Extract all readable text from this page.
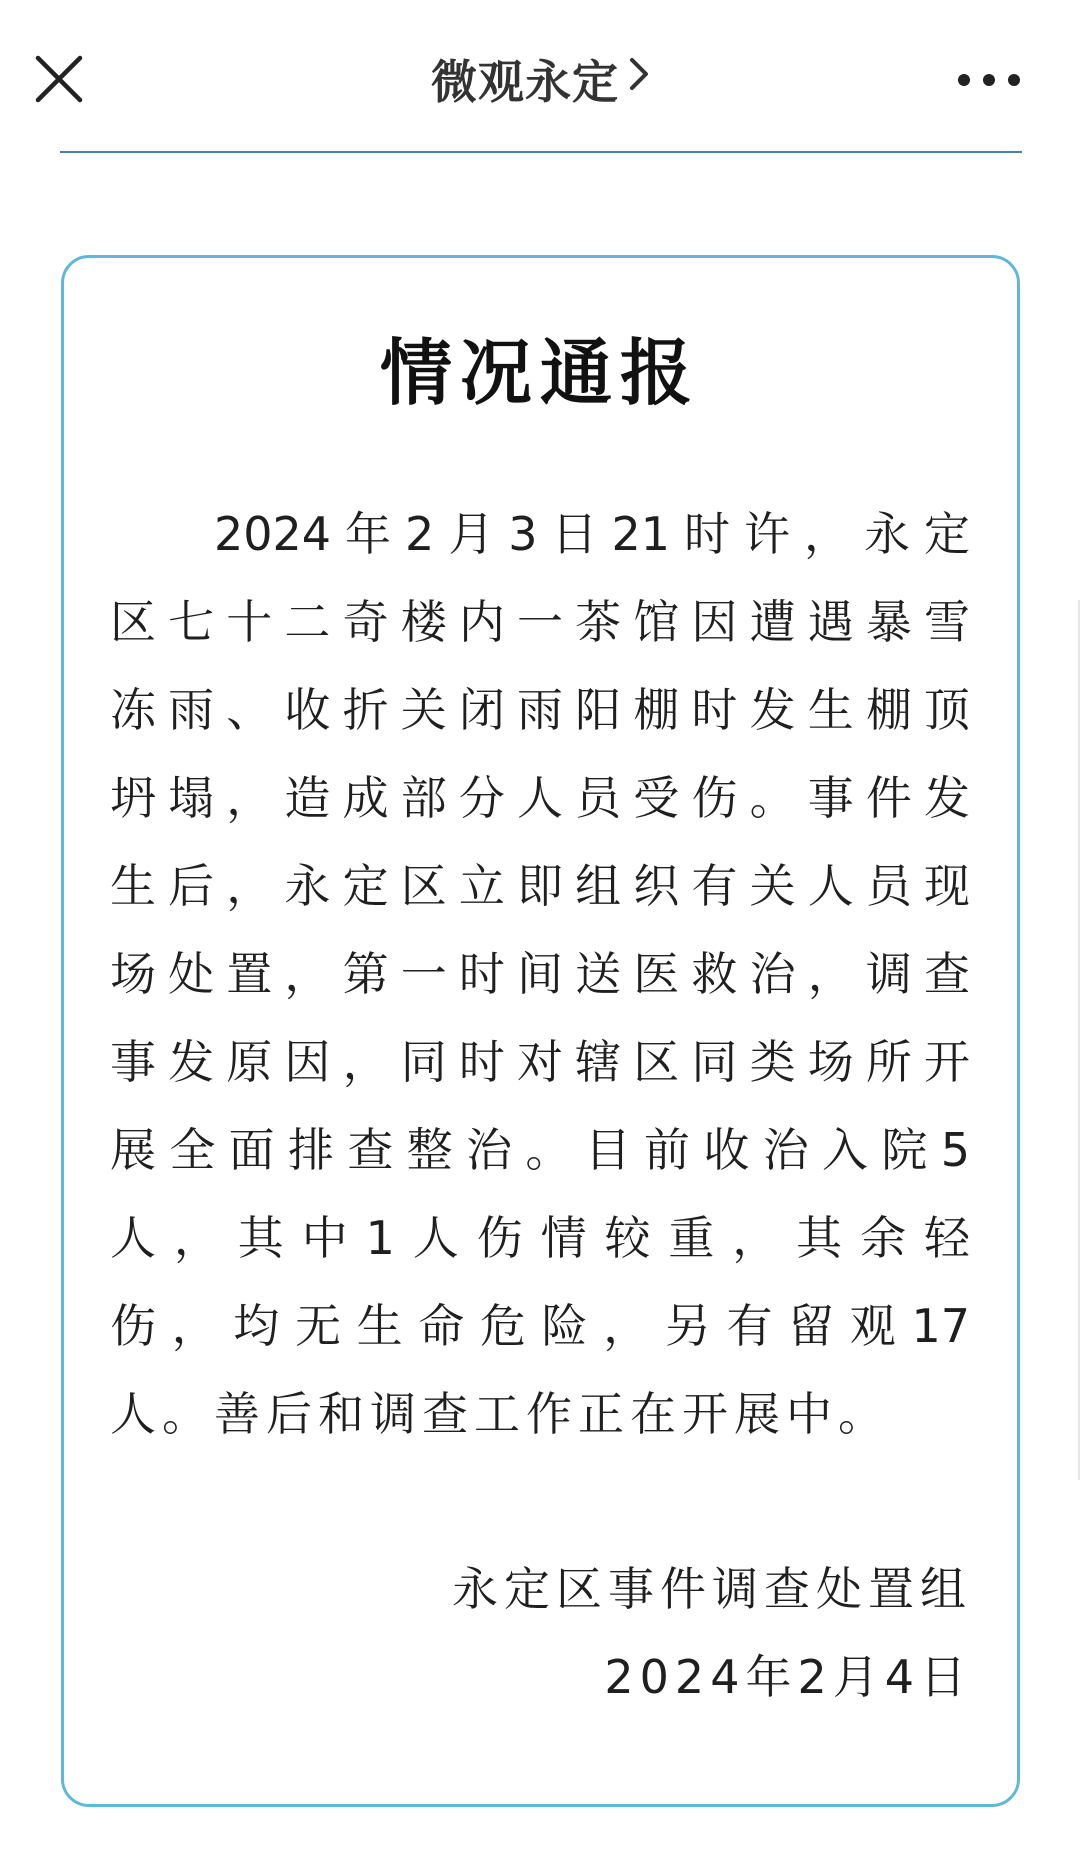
微观永定
情况通报
2024年2月3日21时许，永定
区七十二奇楼内一茶馆因遭遇暴雪
冻雨、收折关闭雨阳棚时发生棚顶
坍塌，造成部分人员受伤。事件发
生后，永定区立即组织有关人员现
场处置，第一时间送医救治，调查
事发原因，同时对辖区同类场所开
展全面排查整治。目前收治入院5
人，其中1人伤情较重，其余轻
伤，均无生命危险，另有留观17
人。善后和调查工作正在开展中。
永定区事件调查处置组
2024年2月4日
